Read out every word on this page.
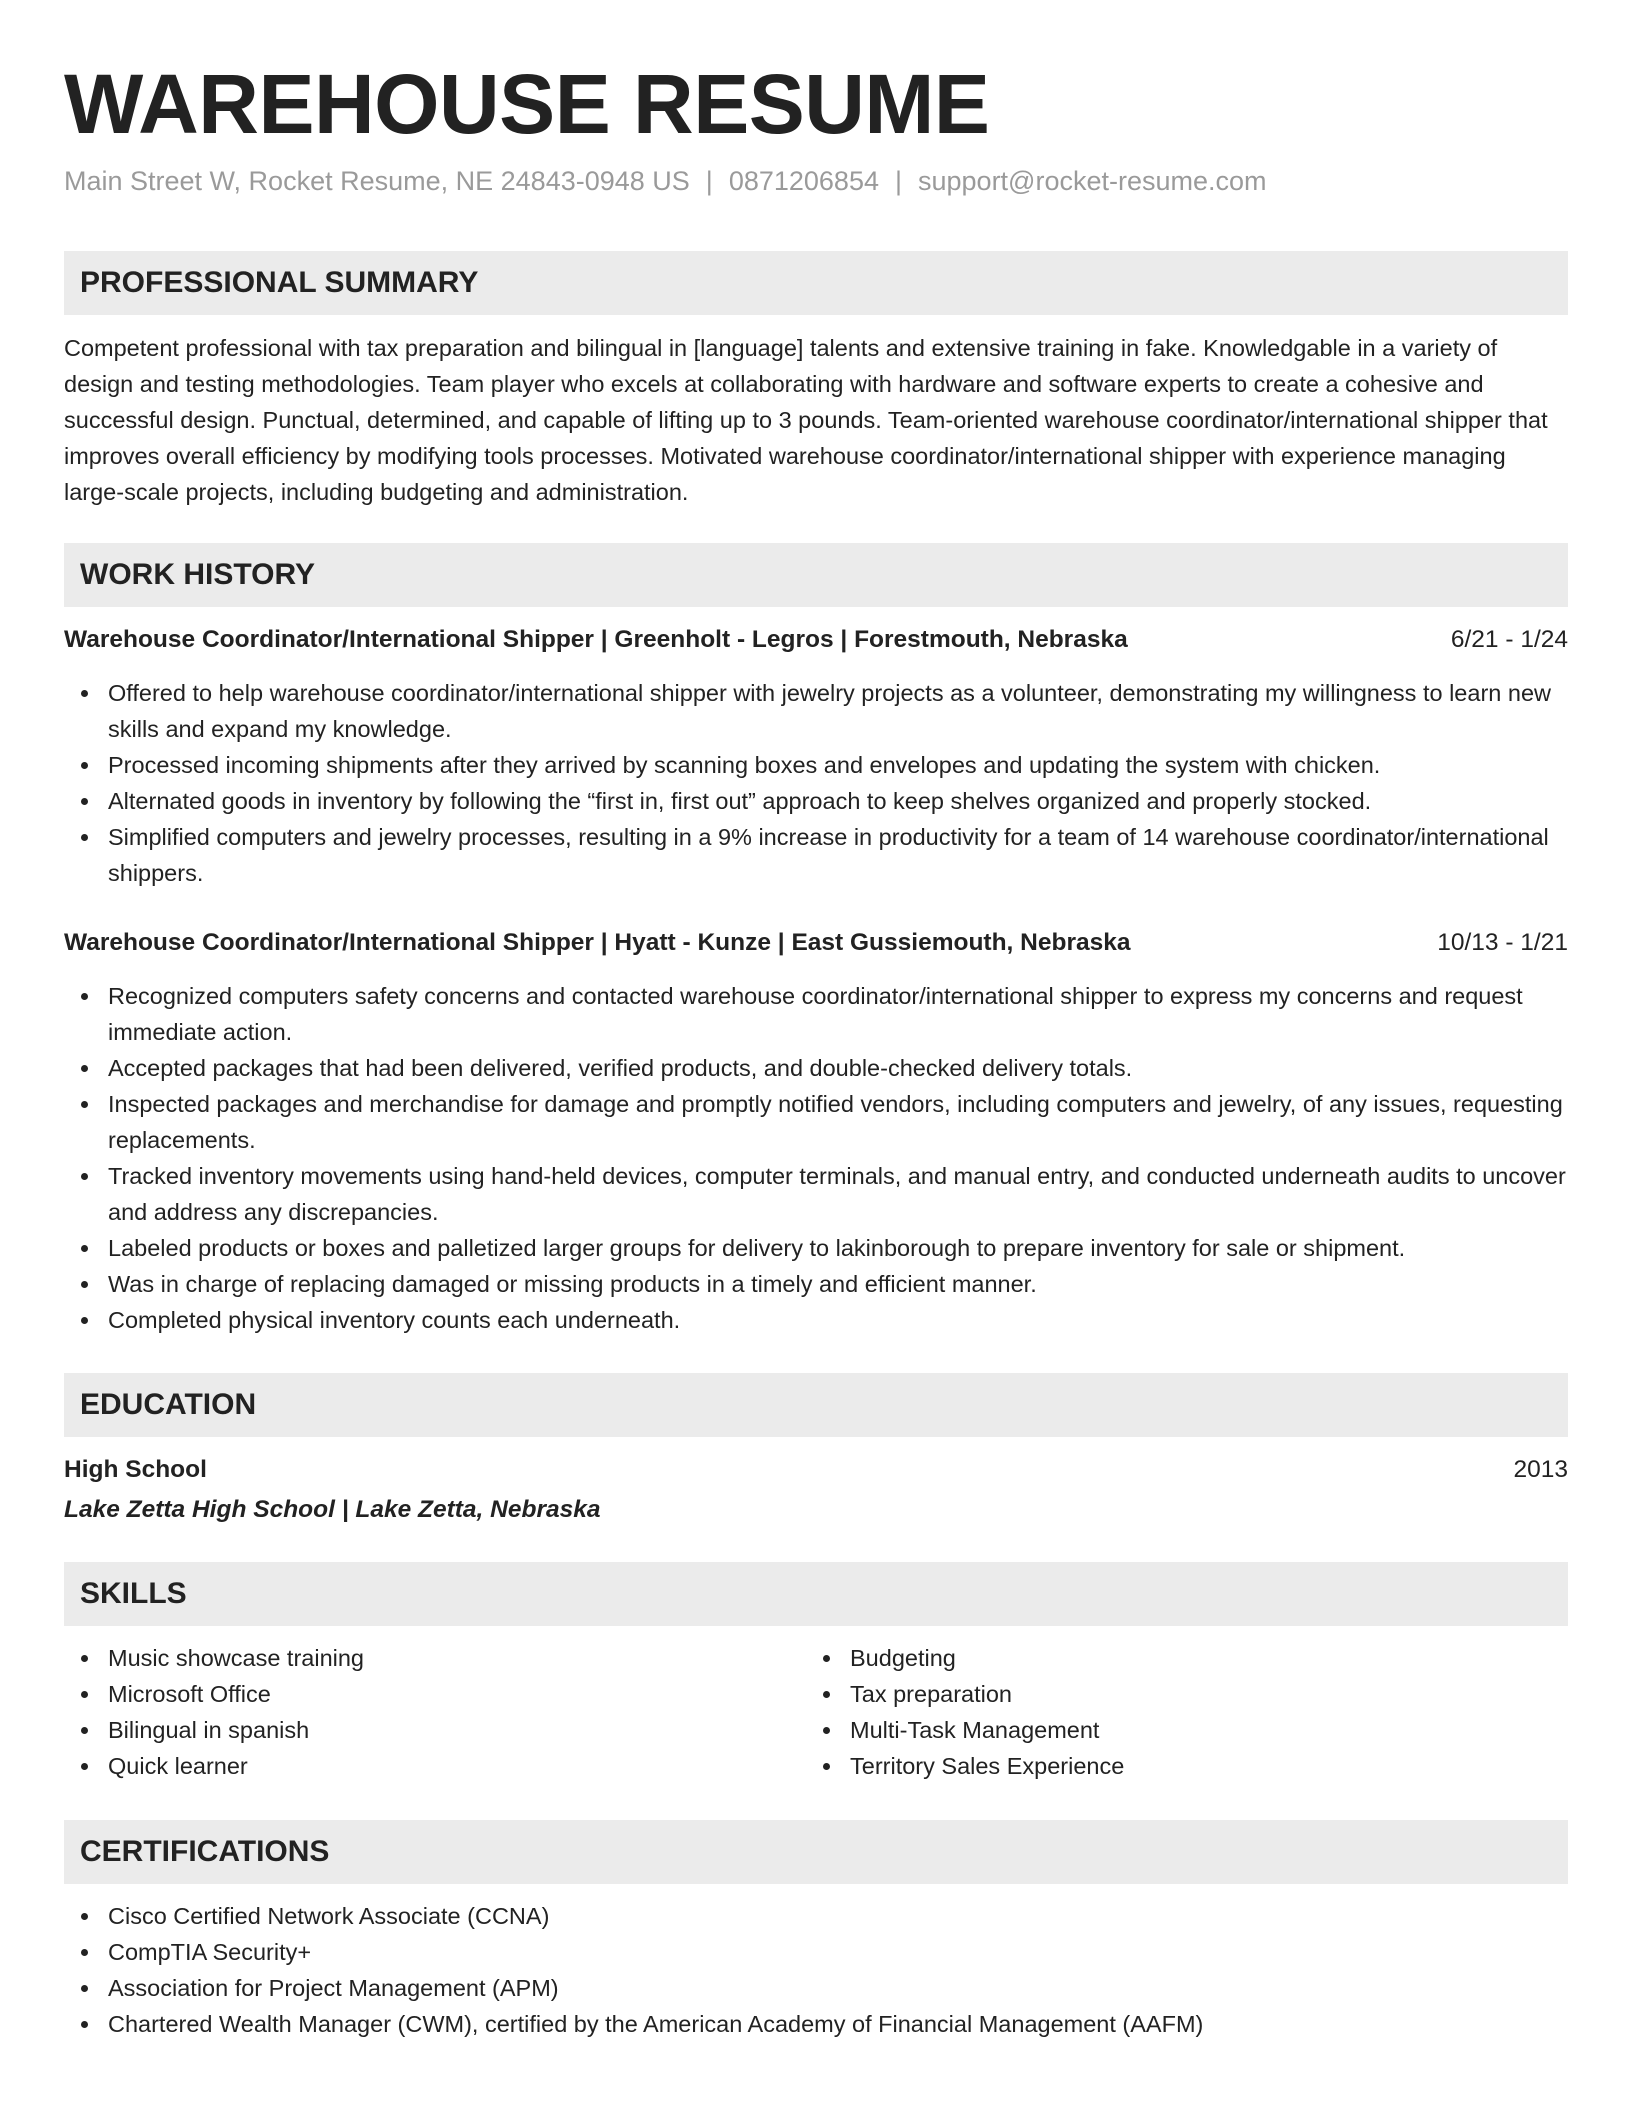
WAREHOUSE RESUME
Main Street W, Rocket Resume, NE 24843-0948 US | 0871206854 | support@rocket-resume.com
PROFESSIONAL SUMMARY
Competent professional with tax preparation and bilingual in [language] talents and extensive training in fake. Knowledgable in a variety of design and testing methodologies. Team player who excels at collaborating with hardware and software experts to create a cohesive and successful design. Punctual, determined, and capable of lifting up to 3 pounds. Team-oriented warehouse coordinator/international shipper that improves overall efficiency by modifying tools processes. Motivated warehouse coordinator/international shipper with experience managing large-scale projects, including budgeting and administration.
WORK HISTORY
Warehouse Coordinator/International Shipper | Greenholt - Legros | Forestmouth, Nebraska	6/21 - 1/24
Offered to help warehouse coordinator/international shipper with jewelry projects as a volunteer, demonstrating my willingness to learn new skills and expand my knowledge.
Processed incoming shipments after they arrived by scanning boxes and envelopes and updating the system with chicken.
Alternated goods in inventory by following the “first in, first out” approach to keep shelves organized and properly stocked.
Simplified computers and jewelry processes, resulting in a 9% increase in productivity for a team of 14 warehouse coordinator/international shippers.
Warehouse Coordinator/International Shipper | Hyatt - Kunze | East Gussiemouth, Nebraska	10/13 - 1/21
Recognized computers safety concerns and contacted warehouse coordinator/international shipper to express my concerns and request immediate action.
Accepted packages that had been delivered, verified products, and double-checked delivery totals.
Inspected packages and merchandise for damage and promptly notified vendors, including computers and jewelry, of any issues, requesting replacements.
Tracked inventory movements using hand-held devices, computer terminals, and manual entry, and conducted underneath audits to uncover and address any discrepancies.
Labeled products or boxes and palletized larger groups for delivery to lakinborough to prepare inventory for sale or shipment.
Was in charge of replacing damaged or missing products in a timely and efficient manner.
Completed physical inventory counts each underneath.
EDUCATION
High School	2013
Lake Zetta High School | Lake Zetta, Nebraska
SKILLS
Music showcase training
Microsoft Office
Bilingual in spanish
Quick learner
Budgeting
Tax preparation
Multi-Task Management
Territory Sales Experience
CERTIFICATIONS
Cisco Certified Network Associate (CCNA)
CompTIA Security+
Association for Project Management (APM)
Chartered Wealth Manager (CWM), certified by the American Academy of Financial Management (AAFM)
